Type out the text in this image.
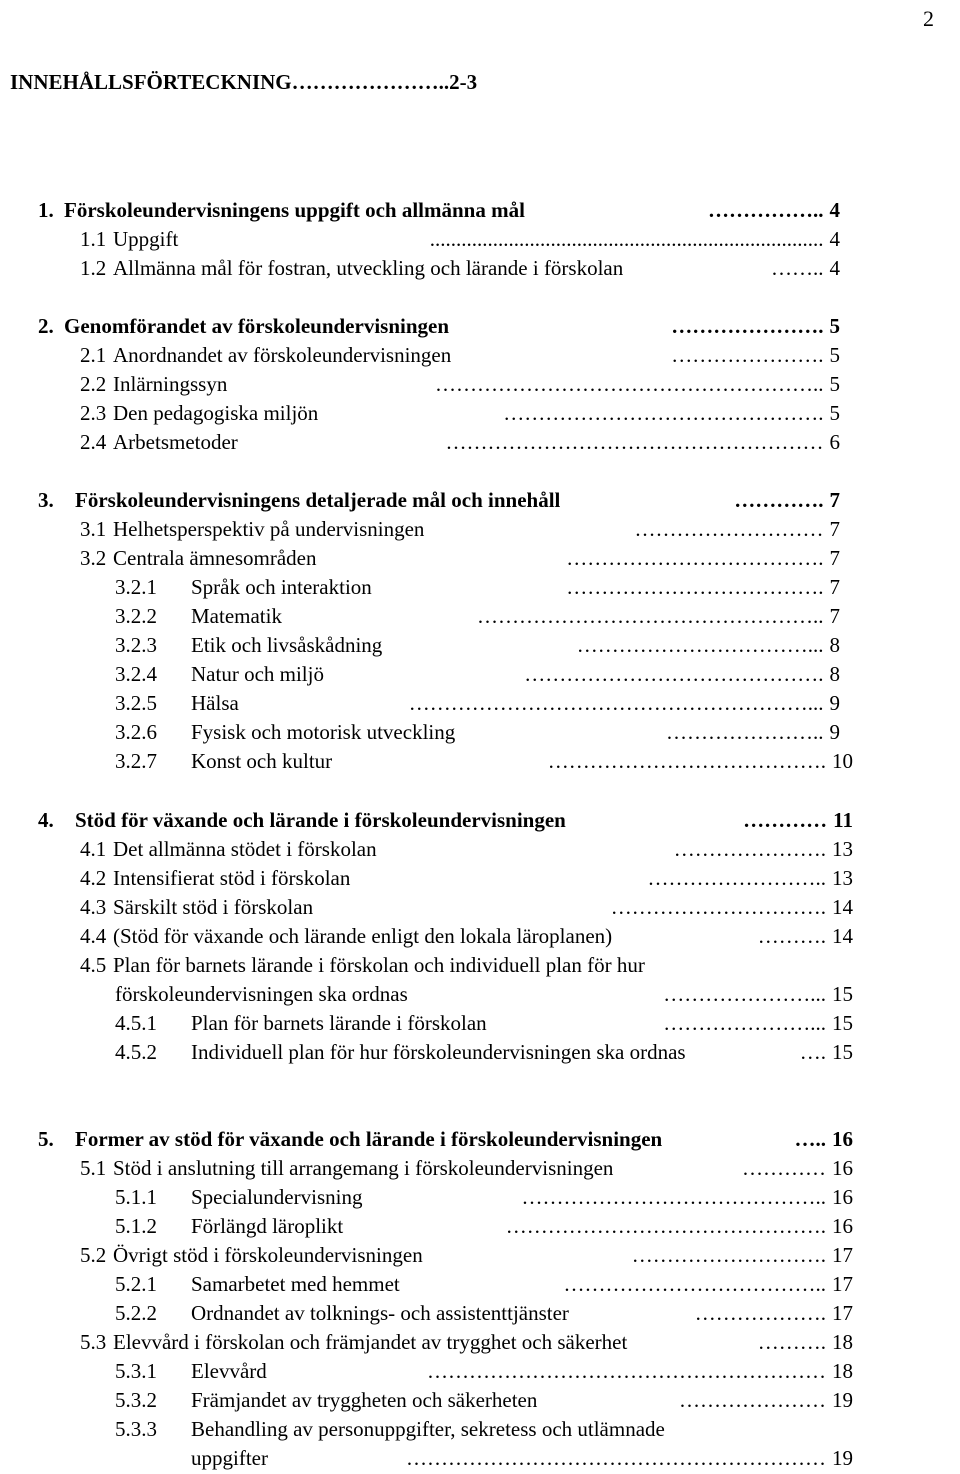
2
INNEHÅLLSFÖRTECKNING…………………..2-3
1. Förskoleundervisningens uppgift och allmänna mål	4
……………..
1.1 Uppgift	4
...........................................................................
1.2 Allmänna mål för fostran, utveckling och lärande i förskolan	4
……..
2. Genomförandet av förskoleundervisningen	5
………………….
2.1 Anordnandet av förskoleundervisningen	5
………………….
2.2 Inlärningssyn	5
………………………………………………..
2.3 Den pedagogiska miljön	5
……………………………………….
2.4 Arbetsmetoder	6
………………………………………………
3. Förskoleundervisningens detaljerade mål och innehåll	7
………….
3.1 Helhetsperspektiv på undervisningen	7
………………………
3.2 Centrala ämnesområden	7
……………………………….
3.2.1 Språk och interaktion	7
……………………………….
3.2.2 Matematik	7
…………………………………………..
3.2.3 Etik och livsåskådning	8
……………………………...
3.2.4 Natur och miljö	8
…………………………………….
3.2.5 Hälsa	9
…………………………………………………...
3.2.6 Fysisk och motorisk utveckling	9
…………………..
3.2.7 Konst och kultur	10
………………………………….
4. Stöd för växande och lärande i förskoleundervisningen	11
…………
4.1 Det allmänna stödet i förskolan	13
………………….
4.2 Intensifierat stöd i förskolan	13
……………………..
4.3 Särskilt stöd i förskolan	14
………………………….
4.4 (Stöd för växande och lärande enligt den lokala läroplanen)	14
……….
4.5 Plan för barnets lärande i förskolan och individuell plan för hur
förskoleundervisningen ska ordnas	15
…………………...
4.5.1 Plan för barnets lärande i förskolan	15
…………………...
4.5.2 Individuell plan för hur förskoleundervisningen ska ordnas	15
….
5. Former av stöd för växande och lärande i förskoleundervisningen	16
…..
5.1 Stöd i anslutning till arrangemang i förskoleundervisningen	16
…………
5.1.1 Specialundervisning	16
……………………………………..
5.1.2 Förlängd läroplikt	16
……………………………………….
5.2 Övrigt stöd i förskoleundervisningen	17
……………………….
5.2.1 Samarbetet med hemmet	17
………………………………..
5.2.2 Ordnandet av tolknings- och assistenttjänster	17
……………….
5.3 Elevvård i förskolan och främjandet av trygghet och säkerhet	18
……….
5.3.1 Elevvård	18
…………………………………………………
5.3.2 Främjandet av tryggheten och säkerheten	19
…………………
5.3.3 Behandling av personuppgifter, sekretess och utlämnade
uppgifter	19
……………………………………………………
